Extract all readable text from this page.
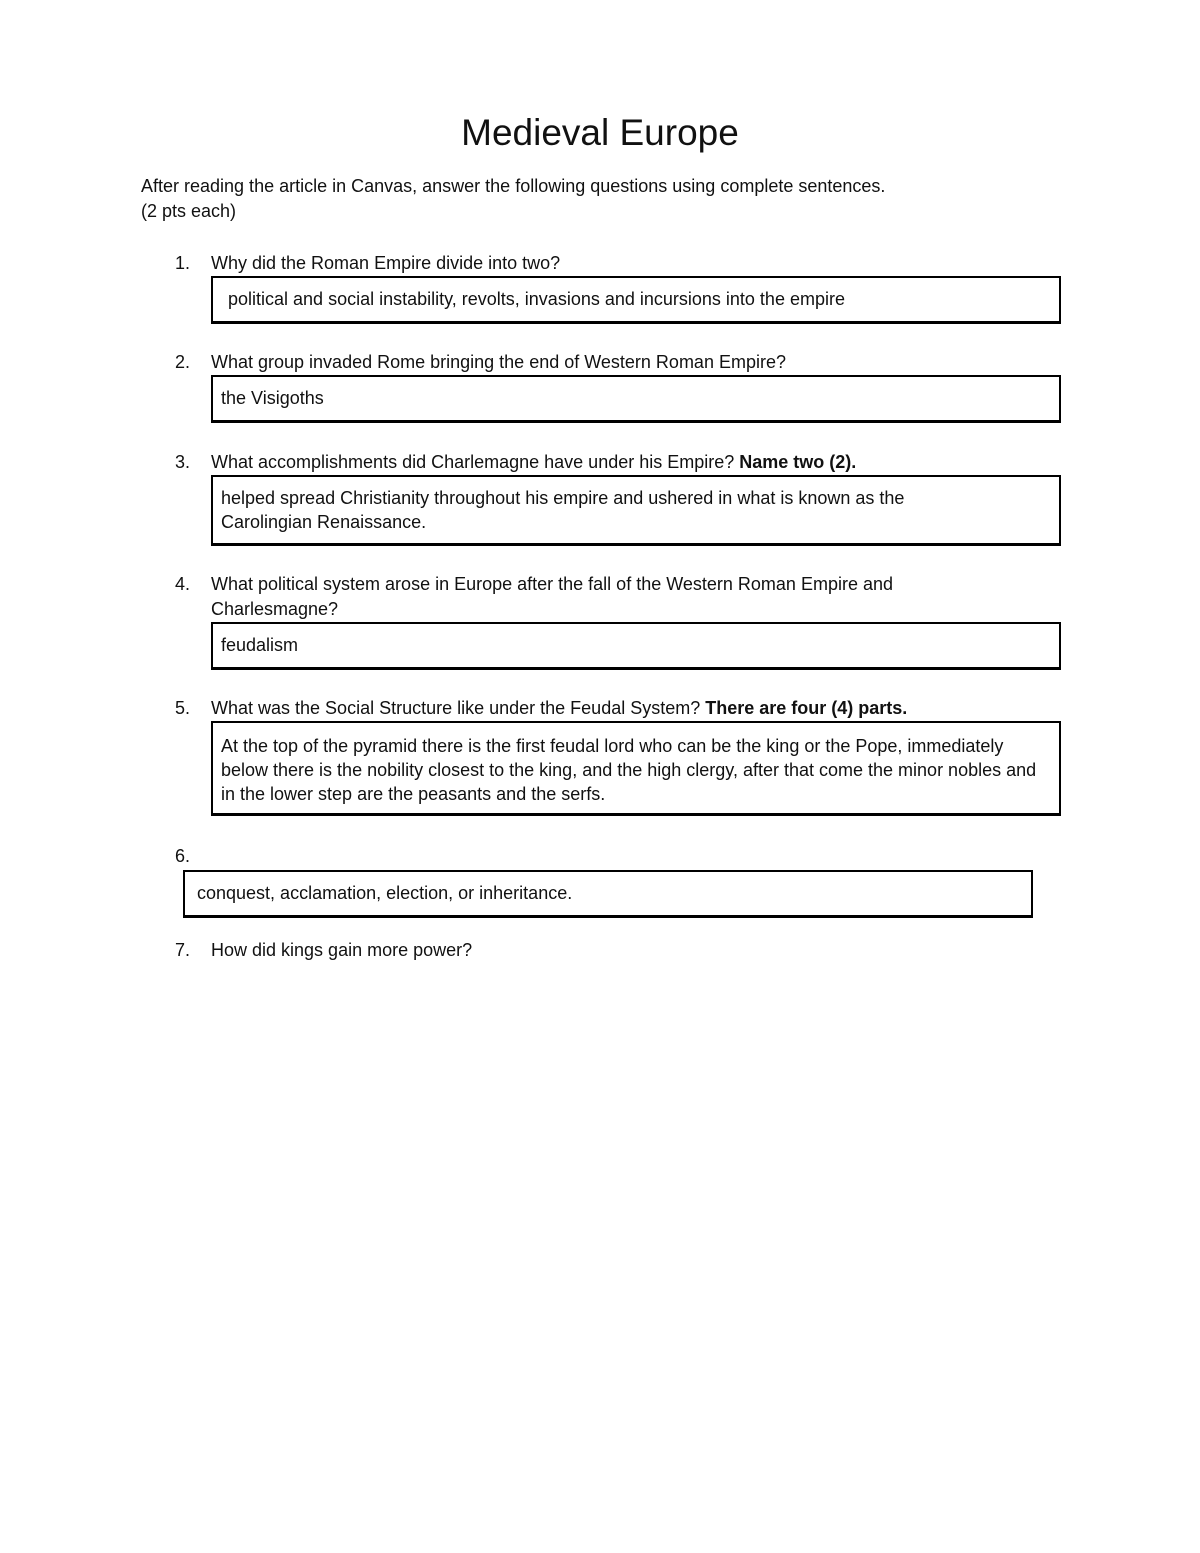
Medieval Europe
After reading the article in Canvas, answer the following questions using complete sentences.
(2 pts each)
1.	Why did the Roman Empire divide into two?
political and social instability, revolts, invasions and incursions into the empire
2.	What group invaded Rome bringing the end of Western Roman Empire?
the Visigoths
3.	What accomplishments did Charlemagne have under his Empire? Name two (2).
helped spread Christianity throughout his empire and ushered in what is known as the Carolingian Renaissance.
4.	What political system arose in Europe after the fall of the Western Roman Empire and Charlesmagne?
feudalism
5.	What was the Social Structure like under the Feudal System? There are four (4) parts.
At the top of the pyramid there is the first feudal lord who can be the king or the Pope, immediately below there is the nobility closest to the king, and the high clergy, after that come the minor nobles and in the lower step are the peasants and the serfs.
6.
conquest, acclamation, election, or inheritance.
7.	How did kings gain more power?
